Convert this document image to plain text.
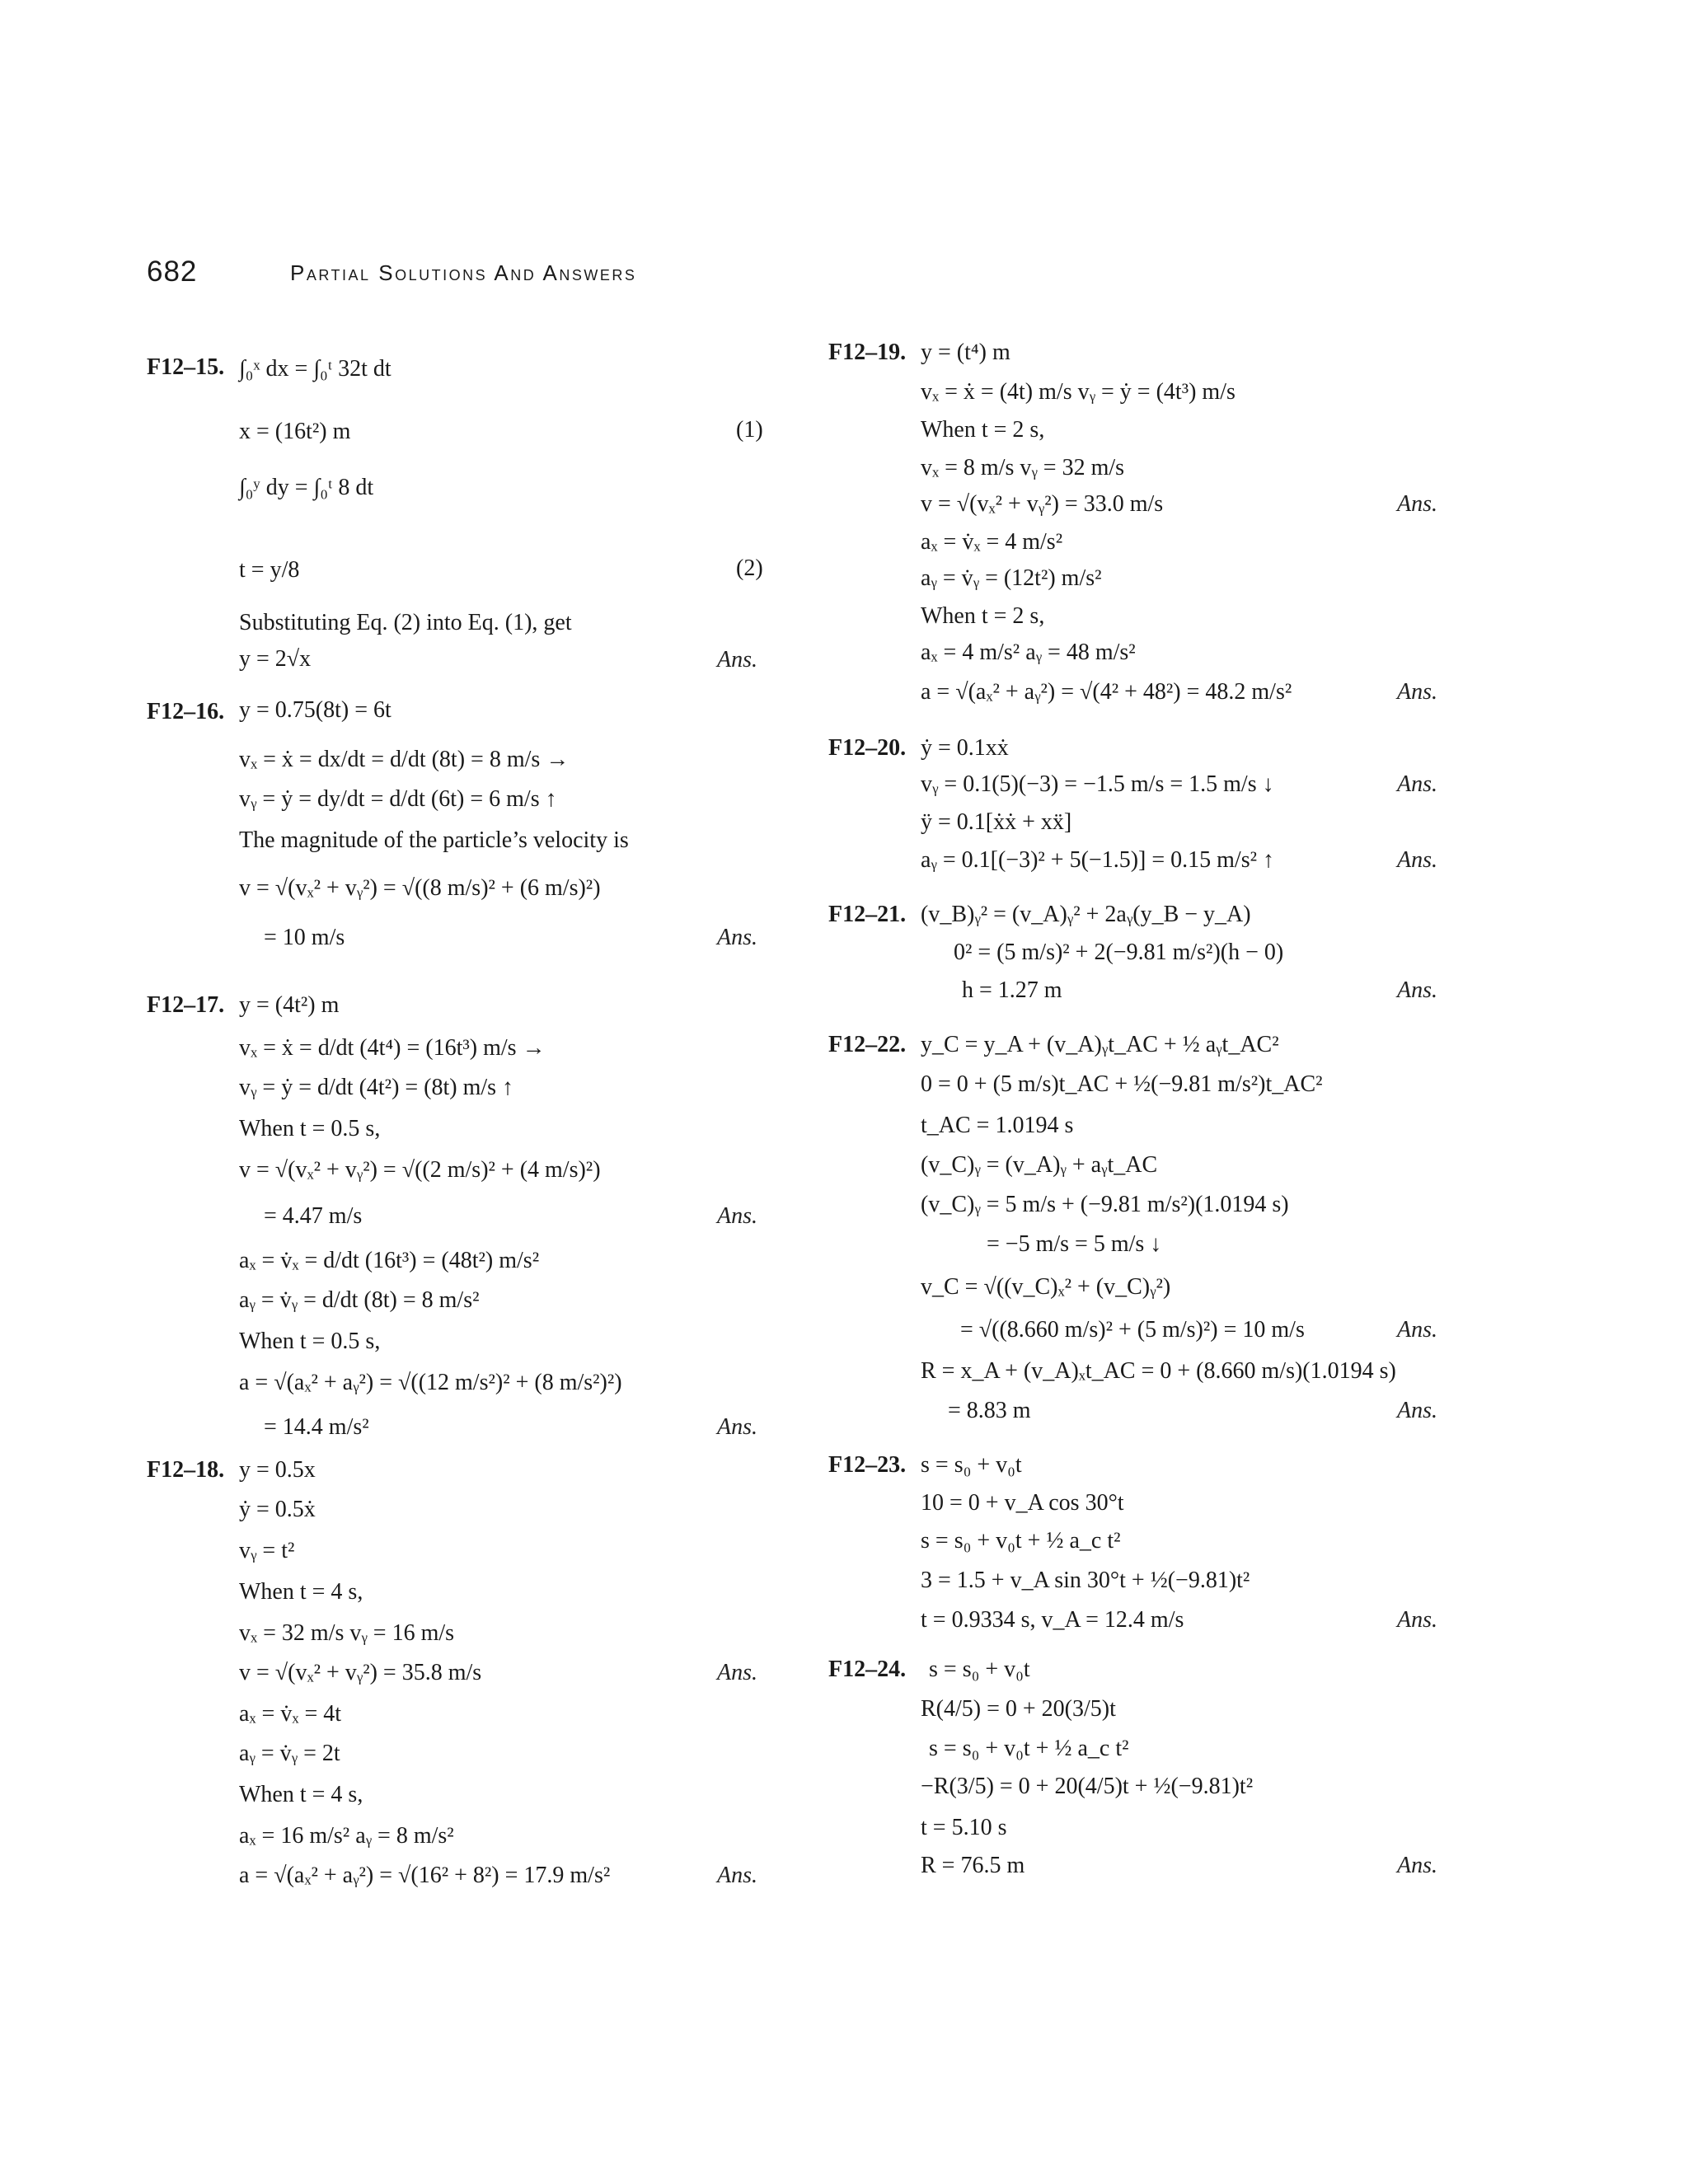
682	Partial Solutions And Answers
F12–15. ∫₀ˣ dx = ∫₀ᵗ 32t dt
x = (16t²) m	(1)
∫₀ʸ dy = ∫₀ᵗ 8 dt
t = y/8	(2)
Substituting Eq. (2) into Eq. (1), get
y = 2√x	Ans.
F12–16. y = 0.75(8t) = 6t
vₓ = ẋ = dx/dt = d/dt (8t) = 8 m/s →
vᵧ = ẏ = dy/dt = d/dt (6t) = 6 m/s ↑
The magnitude of the particle’s velocity is
v = √(vₓ² + vᵧ²) = √((8 m/s)² + (6 m/s)²)
= 10 m/s	Ans.
F12–17. y = (4t²) m
vₓ = ẋ = d/dt (4t⁴) = (16t³) m/s →
vᵧ = ẏ = d/dt (4t²) = (8t) m/s ↑
When t = 0.5 s,
v = √(vₓ² + vᵧ²) = √((2 m/s)² + (4 m/s)²)
= 4.47 m/s	Ans.
aₓ = v̇ₓ = d/dt (16t³) = (48t²) m/s²
aᵧ = v̇ᵧ = d/dt (8t) = 8 m/s²
When t = 0.5 s,
a = √(aₓ² + aᵧ²) = √((12 m/s²)² + (8 m/s²)²)
= 14.4 m/s²	Ans.
F12–18. y = 0.5x
ẏ = 0.5ẋ
vᵧ = t²
When t = 4 s,
vₓ = 32 m/s vᵧ = 16 m/s
v = √(vₓ² + vᵧ²) = 35.8 m/s	Ans.
aₓ = v̇ₓ = 4t
aᵧ = v̇ᵧ = 2t
When t = 4 s,
aₓ = 16 m/s² aᵧ = 8 m/s²
a = √(aₓ² + aᵧ²) = √(16² + 8²) = 17.9 m/s²	Ans.
F12–19. y = (t⁴) m
vₓ = ẋ = (4t) m/s vᵧ = ẏ = (4t³) m/s
When t = 2 s,
vₓ = 8 m/s vᵧ = 32 m/s
v = √(vₓ² + vᵧ²) = 33.0 m/s	Ans.
aₓ = v̇ₓ = 4 m/s²
aᵧ = v̇ᵧ = (12t²) m/s²
When t = 2 s,
aₓ = 4 m/s² aᵧ = 48 m/s²
a = √(aₓ² + aᵧ²) = √(4² + 48²) = 48.2 m/s²	Ans.
F12–20. ẏ = 0.1xẋ
vᵧ = 0.1(5)(−3) = −1.5 m/s = 1.5 m/s ↓	Ans.
ÿ = 0.1[ẋẋ + xẍ]
aᵧ = 0.1[(−3)² + 5(−1.5)] = 0.15 m/s² ↑	Ans.
F12–21. (v_B)ᵧ² = (v_A)ᵧ² + 2aᵧ(y_B − y_A)
0² = (5 m/s)² + 2(−9.81 m/s²)(h − 0)
h = 1.27 m	Ans.
F12–22. y_C = y_A + (v_A)ᵧt_AC + ½ aᵧt_AC²
0 = 0 + (5 m/s)t_AC + ½(−9.81 m/s²)t_AC²
t_AC = 1.0194 s
(v_C)ᵧ = (v_A)ᵧ + aᵧt_AC
(v_C)ᵧ = 5 m/s + (−9.81 m/s²)(1.0194 s)
= −5 m/s = 5 m/s ↓
v_C = √((v_C)ₓ² + (v_C)ᵧ²)
= √((8.660 m/s)² + (5 m/s)²) = 10 m/s	Ans.
R = x_A + (v_A)ₓt_AC = 0 + (8.660 m/s)(1.0194 s)
= 8.83 m	Ans.
F12–23. s = s₀ + v₀t
10 = 0 + v_A cos 30°t
s = s₀ + v₀t + ½ a_c t²
3 = 1.5 + v_A sin 30°t + ½(−9.81)t²
t = 0.9334 s, v_A = 12.4 m/s	Ans.
F12–24. s = s₀ + v₀t
R(4/5) = 0 + 20(3/5)t
s = s₀ + v₀t + ½ a_c t²
−R(3/5) = 0 + 20(4/5)t + ½(−9.81)t²
t = 5.10 s
R = 76.5 m	Ans.
